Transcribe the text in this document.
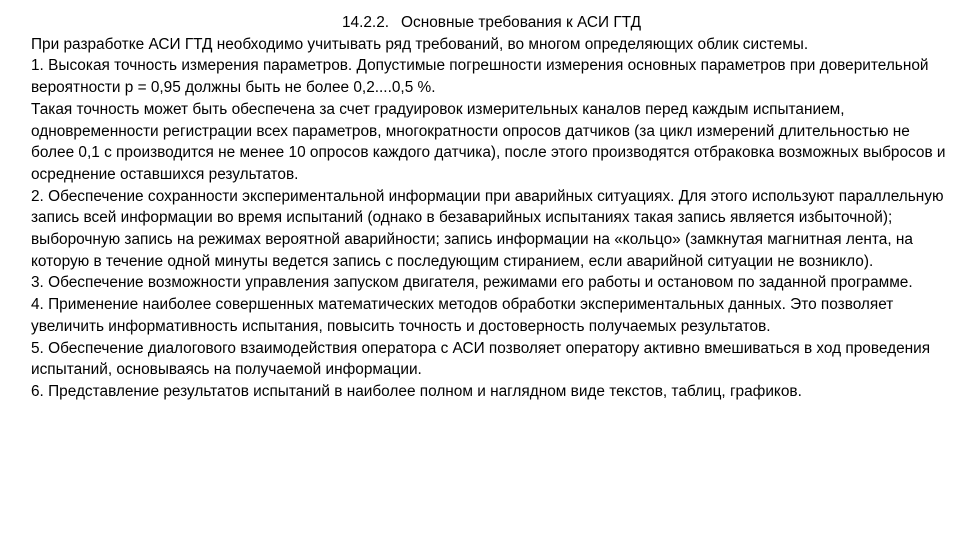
14.2.2. Основные требования к АСИ ГТД
При разработке АСИ ГТД необходимо учитывать ряд требований, во многом определяющих облик системы.
1. Высокая точность измерения параметров. Допустимые погрешности измерения основных параметров при доверительной вероятности р = 0,95 должны быть не более 0,2....0,5 %.
Такая точность может быть обеспечена за счет градуировок измерительных каналов перед каждым испытанием, одновременности регистрации всех параметров, многократности опросов датчиков (за цикл измерений длительностью не более 0,1 с производится не менее 10 опросов каждого датчика), после этого производятся отбраковка возможных выбросов и осреднение оставшихся результатов.
2. Обеспечение сохранности экспериментальной информации при аварийных ситуациях. Для этого используют параллельную запись всей информации во время испытаний (однако в безаварийных испытаниях такая запись является избыточной); выборочную запись на режимах вероятной аварийности; запись информации на «кольцо» (замкнутая магнитная лента, на которую в течение одной минуты ведется запись с последующим стиранием, если аварийной ситуации не возникло).
3. Обеспечение возможности управления запуском двигателя, режимами его работы и остановом по заданной программе.
4. Применение наиболее совершенных математических методов обработки экспериментальных данных. Это позволяет увеличить информативность испытания, повысить точность и достоверность получаемых результатов.
5. Обеспечение диалогового взаимодействия оператора с АСИ позволяет оператору активно вмешиваться в ход проведения испытаний, основываясь на получаемой информации.
6. Представление результатов испытаний в наиболее полном и наглядном виде текстов, таблиц, графиков.
